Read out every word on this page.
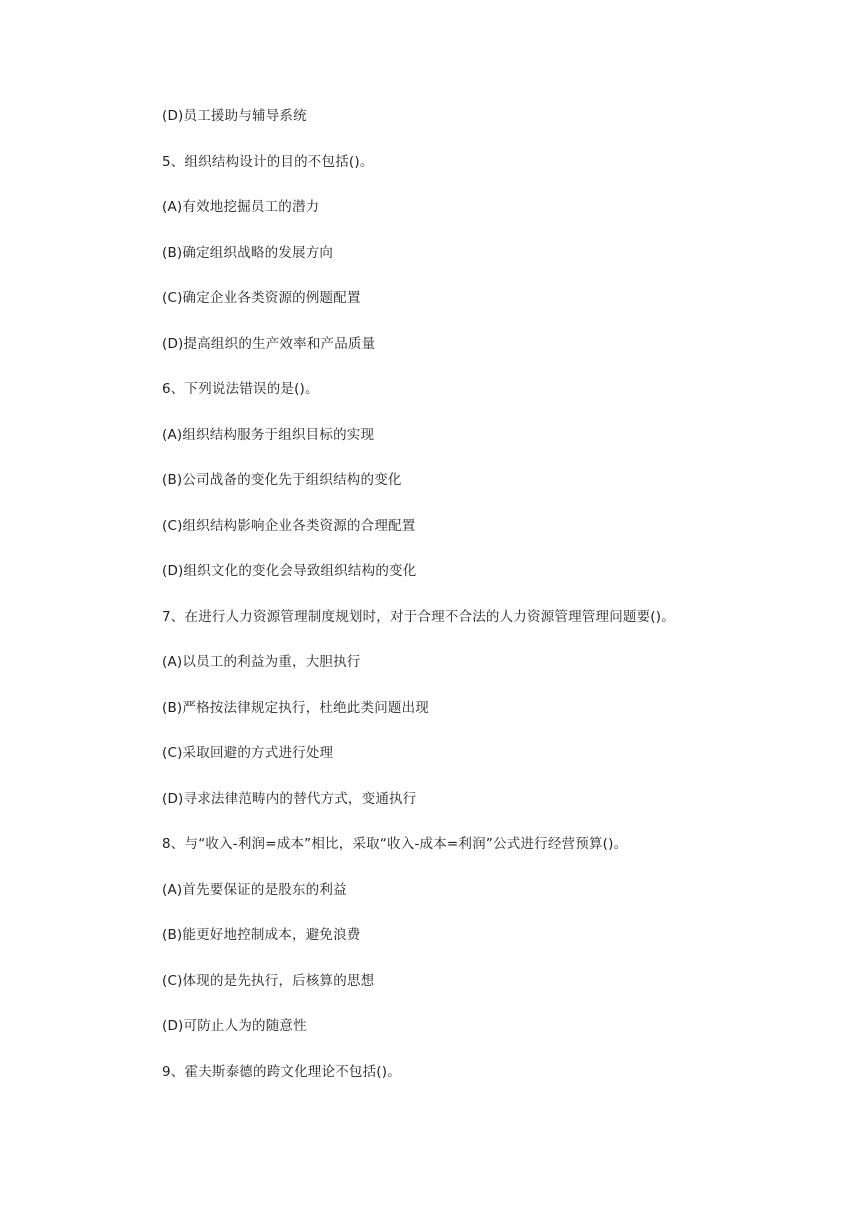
(D)员工援助与辅导系统
5、组织结构设计的目的不包括()。
(A)有效地挖掘员工的潜力
(B)确定组织战略的发展方向
(C)确定企业各类资源的例题配置
(D)提高组织的生产效率和产品质量
6、下列说法错误的是()。
(A)组织结构服务于组织目标的实现
(B)公司战备的变化先于组织结构的变化
(C)组织结构影响企业各类资源的合理配置
(D)组织文化的变化会导致组织结构的变化
7、在进行人力资源管理制度规划时，对于合理不合法的人力资源管理管理问题要()。
(A)以员工的利益为重，大胆执行
(B)严格按法律规定执行，杜绝此类问题出现
(C)采取回避的方式进行处理
(D)寻求法律范畴内的替代方式，变通执行
8、与“收入-利润=成本”相比，采取“收入-成本=利润”公式进行经营预算()。
(A)首先要保证的是股东的利益
(B)能更好地控制成本，避免浪费
(C)体现的是先执行，后核算的思想
(D)可防止人为的随意性
9、霍夫斯泰德的跨文化理论不包括()。
